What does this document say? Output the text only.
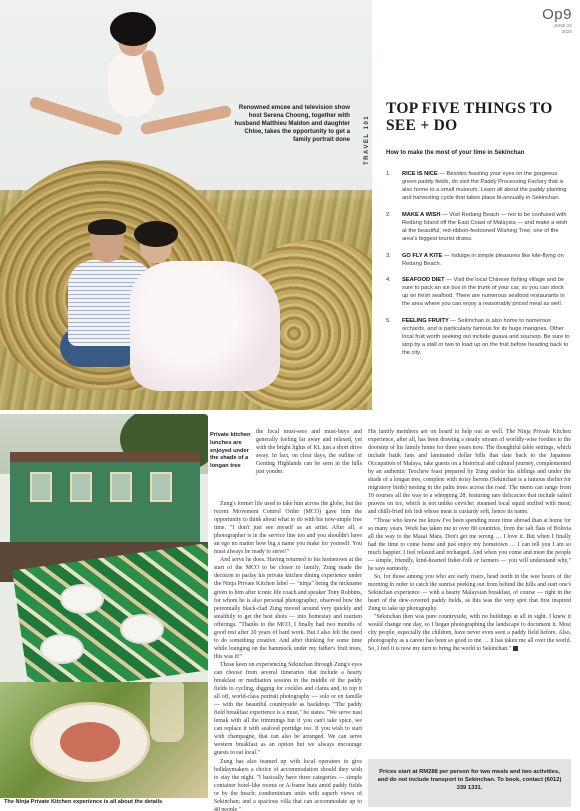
Renowned emcee and television show host Serena Choong, together with husband Matthieu Maldon and daughter Chloe, takes the opportunity to get a family portrait done
Op9
JUNE 22
2020
TRAVEL 101
TOP FIVE THINGS TO SEE + DO
How to make the most of your time in Sekinchan
1. RICE IS NICE — Besides feasting your eyes on the gorgeous green paddy fields, do visit the Paddy Processing Factory that is also home to a small museum. Learn all about the paddy planting and harvesting cycle that takes place bi-annually in Sekinchan.
2. MAKE A WISH — Visit Redang Beach — not to be confused with Redang Island off the East Coast of Malaysia — and make a wish at the beautiful, red-ribbon-festooned Wishing Tree, one of the area's biggest tourist draws.
3. GO FLY A KITE — Indulge in simple pleasures like kite-flying on Redang Beach.
4. SEAFOOD DIET — Visit the local Chinese fishing village and be sure to pack an ice box in the trunk of your car, so you can stock up on fresh seafood. There are numerous seafood restaurants in the area where you can enjoy a reasonably priced meal as well.
5. FEELING FRUITY — Sekinchan is also home to numerous orchards, and is particularly famous for its huge mangoes. Other local fruit worth seeking out include guava and soursop. Be sure to stop by a stall or two to load up on the fruit before heading back to the city.
Private kitchen lunches are enjoyed under the shade of a longan tree
The Ninja Private Kitchen experience is all about the details

the local must-sees and must-buys and generally feeling far away and relaxed, yet with the bright lights of KL just a short drive away. In fact, on clear days, the outline of Genting Highlands can be seen in the hills just yonder.

Zung's former life used to take him across the globe, but the recent Movement Control Order (MCO) gave him the opportunity to think about what to do with his now-ample free time. "I don't just see myself as an artist. After all, a photographer is in the service line too and you shouldn't have an ego no matter how big a name you make for yourself. You must always be ready to serve!"

And serve he does. Having returned to his hometown at the start of the MCO to be closer to family, Zung made the decision to parlay his private kitchen dining experience under the Ninja Private Kitchen label — "ninja" being the nickname given to him after iconic life coach and speaker Tony Robbins, for whom he is also personal photographer, observed how the perennially black-clad Zung moved around very quickly and stealthily to get the best shots — into homestay and tourism offerings. "Thanks to the MCO, I finally had two months of good rest after 20 years of hard work. But I also felt the need to do something creative. And after thinking for some time while lounging on the hammock under my father's fruit trees, this was it!"

Those keen on experiencing Sekinchan through Zung's eyes can choose from several itineraries that include a hearty breakfast or meditation session in the middle of the paddy fields to cycling, digging for cockles and clams and, to top it all off, world-class portrait photography — solo or en famille — with the beautiful countryside as backdrop. "The paddy field breakfast experience is a must," he states. "We serve nasi lemak with all the trimmings but if you can't take spice, we can replace it with seafood porridge too. If you wish to start with champagne, that can also be arranged. We can serve western breakfast as an option but we always encourage guests to eat local."

Zung has also teamed up with local operators to give holidaymakers a choice of accommodation should they wish to stay the night. "I basically have three categories — simple container hotel-like rooms or A-frame huts amid paddy fields or by the beach; condominium units with superb views of Sekinchan; and a spacious villa that can accommodate up to 40 people."

His family members are on board to help out as well. The Ninja Private Kitchen experience, after all, has been drawing a steady stream of worldly-wise foodies to the doorstep of his family home for three years now. The thoughtful table settings, which include batik fans and laminated dollar bills that date back to the Japanese Occupation of Malaya, take guests on a historical and cultural journey, complemented by an authentic Teochew feast prepared by Zung and/or his siblings and under the shade of a longan tree, complete with noisy herons (Sekinchan is a famous shelter for migratory birds) nesting in the palm trees across the road. The menu can range from 10 courses all the way to a whopping 28, featuring rare delicacies that include salted prawns on ice, which is not unlike ceviche; steamed local squid stuffed with meat; and chilli-fried toh fish whose meat is custardy soft, hence its name.

"Those who know me know I've been spending more time abroad than at home for so many years. Work has taken me to over 80 countries, from the salt flats of Bolivia all the way to the Masai Mara. Don't get me wrong … I love it. But when I finally had the time to come home and just enjoy my hometown … I can tell you I am so much happier. I feel relaxed and recharged. And when you come and meet the people — simple, friendly, kind-hearted fisher-folk or farmers — you will understand why," he says earnestly.

So, for those among you who are early risers, head north in the wee hours of the morning in order to catch the sunrise peeking out from behind the hills and start one's Sekinchan experience — with a hearty Malaysian breakfast, of course — right in the heart of the dew-covered paddy fields, as this was the very spot that first inspired Zung to take up photography.

"Sekinchan then was pure countryside, with no buildings at all in sight. I knew it would change one day, so I began photographing the landscape to document it. Most city people, especially the children, have never even seen a paddy field before. Also, photography as a career has been so good to me … it has taken me all over the world. So, I feel it is now my turn to bring the world to Sekinchan."

Prices start at RM288 per person for two meals and two activities, and do not include transport to Sekinchan. To book, contact (6012) 339 1331.
